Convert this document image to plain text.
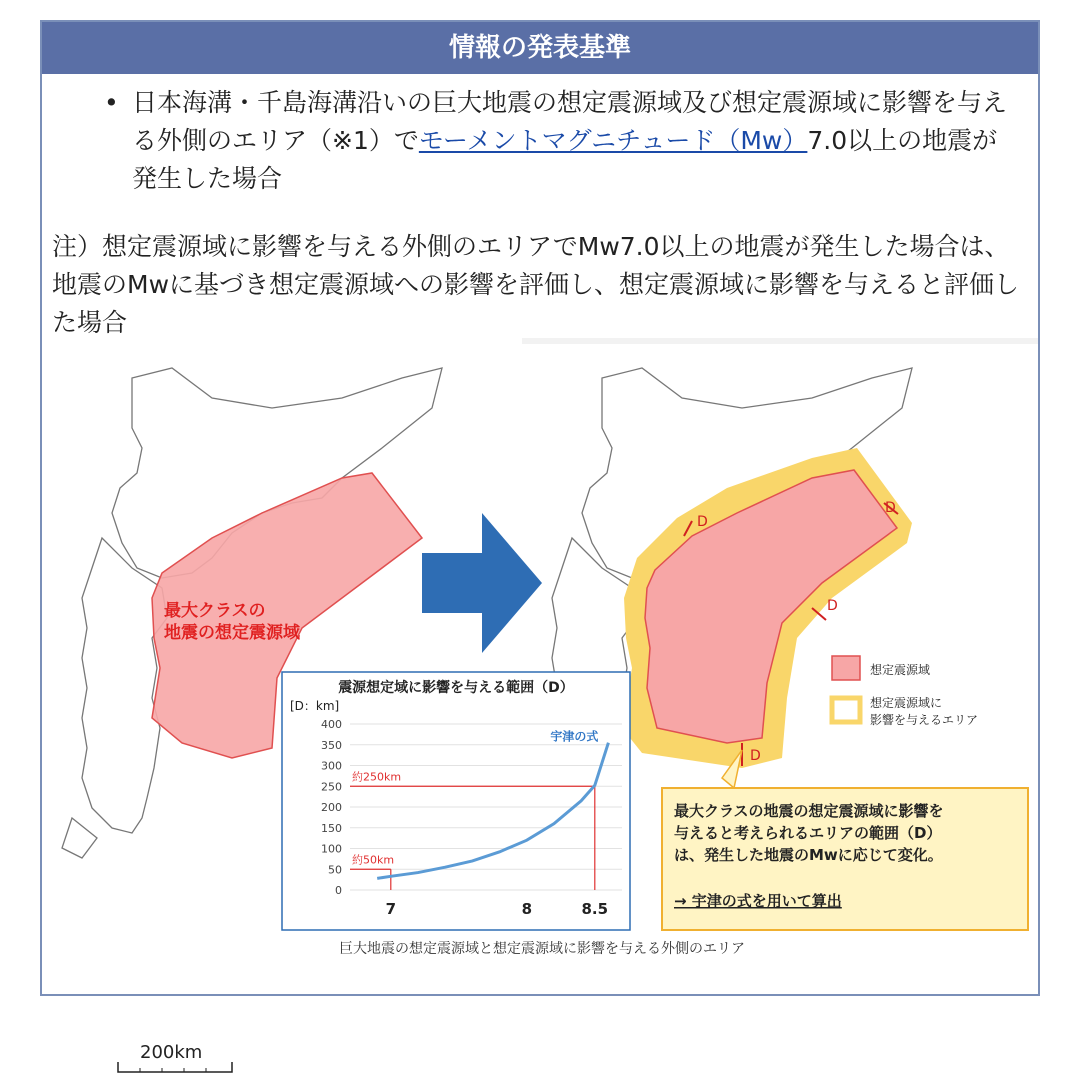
情報の発表基準
• 日本海溝・千島海溝沿いの巨大地震の想定震源域及び想定震源域に影響を与える外側のエリア（※1）でモーメントマグニチュード（Mw）7.0以上の地震が発生した場合
注）想定震源域に影響を与える外側のエリアでMw7.0以上の地震が発生した場合は、地震のMwに基づき想定震源域への影響を評価し、想定震源域に影響を与えると評価した場合
最大クラスの
地震の想定震源域
D
D
D
D
想定震源域
想定震源域に
影響を与えるエリア
震源想定域に影響を与える範囲（D）
[D：km]
0
50
100
150
200
250
300
350
400
7	8	8.5
約250km
約50km
宇津の式
最大クラスの地震の想定震源域に影響を
与えると考えられるエリアの範囲（D）
は、発生した地震のMwに応じて変化。
→ 宇津の式を用いて算出
巨大地震の想定震源域と想定震源域に影響を与える外側のエリア
200km
